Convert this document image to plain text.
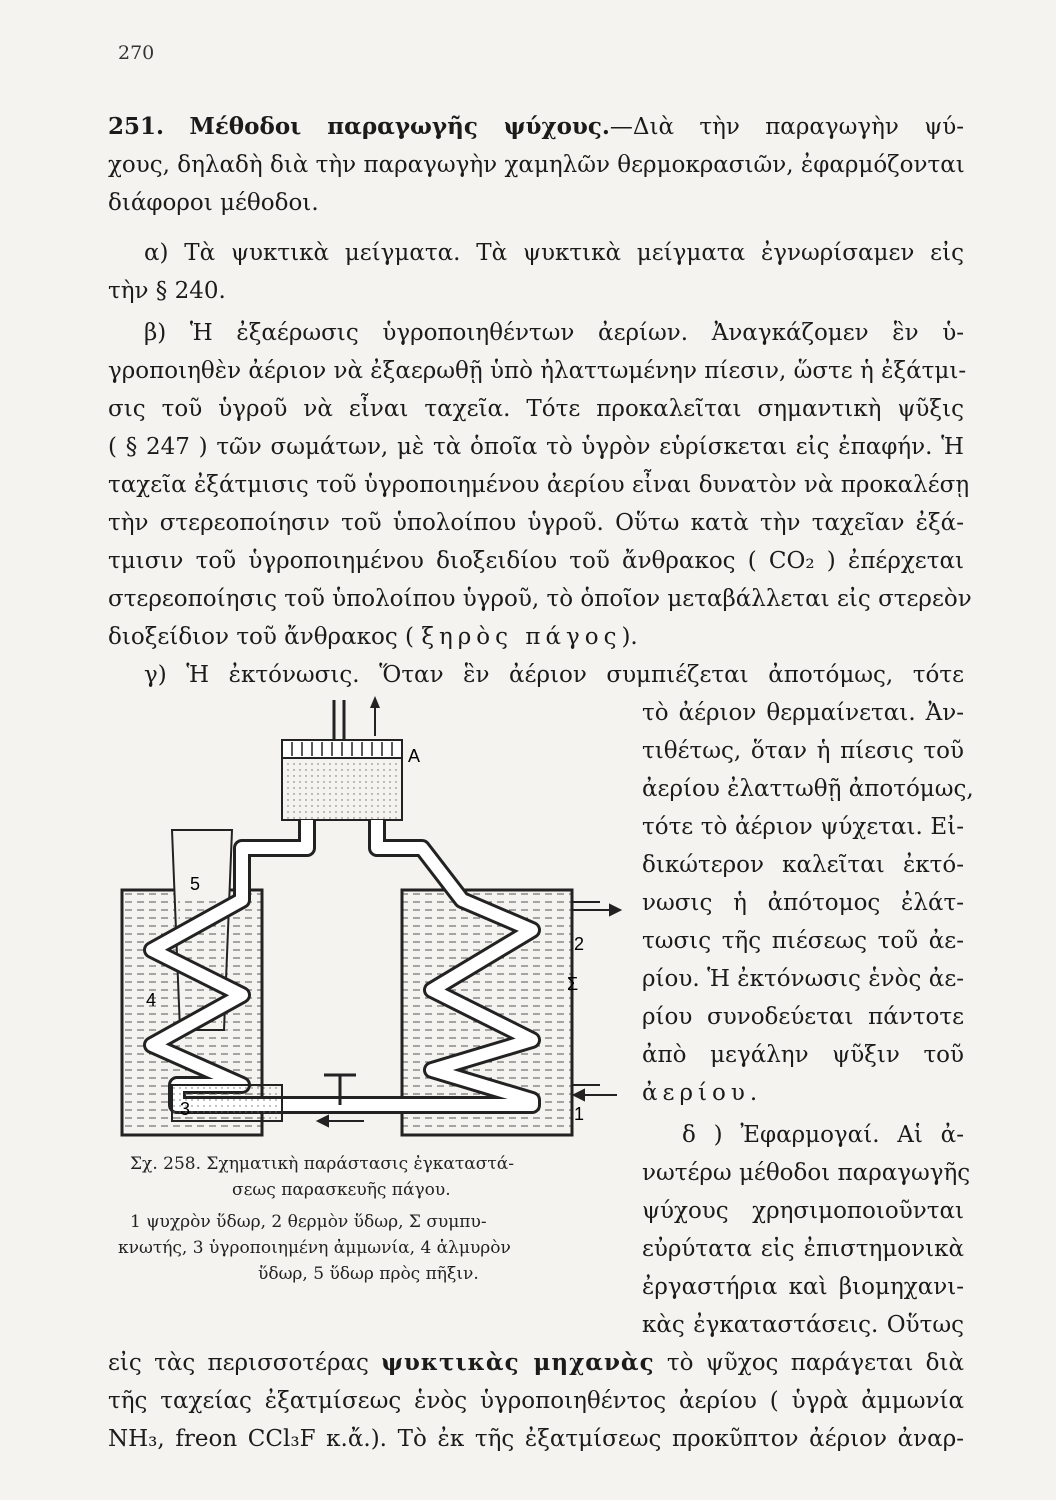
270
251. Μέθοδοι παραγωγῆς ψύχους.—Διὰ τὴν παραγωγὴν ψύ-
χους, δηλαδὴ διὰ τὴν παραγωγὴν χαμηλῶν θερμοκρασιῶν, ἐφαρμόζονται
διάφοροι μέθοδοι.
α) Τὰ ψυκτικὰ μείγματα. Τὰ ψυκτικὰ μείγματα ἐγνωρίσαμεν εἰς
τὴν § 240.
β) Ἡ ἐξαέρωσις ὑγροποιηθέντων ἀερίων. Ἀναγκάζομεν ἓν ὑ-
γροποιηθὲν ἀέριον νὰ ἐξαερωθῇ ὑπὸ ἠλαττωμένην πίεσιν, ὥστε ἡ ἐξάτμι-
σις τοῦ ὑγροῦ νὰ εἶναι ταχεῖα. Τότε προκαλεῖται σημαντικὴ ψῦξις
( § 247 ) τῶν σωμάτων, μὲ τὰ ὁποῖα τὸ ὑγρὸν εὑρίσκεται εἰς ἐπαφήν. Ἡ
ταχεῖα ἐξάτμισις τοῦ ὑγροποιημένου ἀερίου εἶναι δυνατὸν νὰ προκαλέσῃ
τὴν στερεοποίησιν τοῦ ὑπολοίπου ὑγροῦ. Οὕτω κατὰ τὴν ταχεῖαν ἐξά-
τμισιν τοῦ ὑγροποιημένου διοξειδίου τοῦ ἄνθρακος ( CO₂ ) ἐπέρχεται
στερεοποίησις τοῦ ὑπολοίπου ὑγροῦ, τὸ ὁποῖον μεταβάλλεται εἰς στερεὸν
διοξείδιον τοῦ ἄνθρακος ( ξηρὸς πάγος).
γ) Ἡ ἐκτόνωσις. Ὅταν ἓν ἀέριον συμπιέζεται ἀποτόμως, τότε
τὸ ἀέριον θερμαίνεται. Ἀν-
τιθέτως, ὅταν ἡ πίεσις τοῦ
ἀερίου ἐλαττωθῇ ἀποτόμως,
τότε τὸ ἀέριον ψύχεται. Εἰ-
δικώτερον καλεῖται ἐκτό-
νωσις ἡ ἀπότομος ἐλάτ-
τωσις τῆς πιέσεως τοῦ ἀε-
ρίου. Ἡ ἐκτόνωσις ἑνὸς ἀε-
ρίου συνοδεύεται πάντοτε
ἀπὸ μεγάλην ψῦξιν τοῦ
ἀερίου.
δ ) Ἐφαρμογαί. Αἱ ἀ-
νωτέρω μέθοδοι παραγωγῆς
ψύχους χρησιμοποιοῦνται
εὐρύτατα εἰς ἐπιστημονικὰ
ἐργαστήρια καὶ βιομηχανι-
κὰς ἐγκαταστάσεις. Οὕτως
A
5
4
3
2
Σ
1
Σχ. 258. Σχηματικὴ παράστασις ἐγκαταστά-
σεως παρασκευῆς πάγου.
1 ψυχρὸν ὕδωρ, 2 θερμὸν ὕδωρ, Σ συμπυ-
κνωτής, 3 ὑγροποιημένη ἀμμωνία, 4 ἁλμυρὸν
ὕδωρ, 5 ὕδωρ πρὸς πῆξιν.
εἰς τὰς περισσοτέρας ψυκτικὰς μηχανὰς τὸ ψῦχος παράγεται διὰ
τῆς ταχείας ἐξατμίσεως ἑνὸς ὑγροποιηθέντος ἀερίου ( ὑγρὰ ἀμμωνία
NH₃, freon CCl₃F κ.ἄ.). Τὸ ἐκ τῆς ἐξατμίσεως προκῦπτον ἀέριον ἀναρ-
